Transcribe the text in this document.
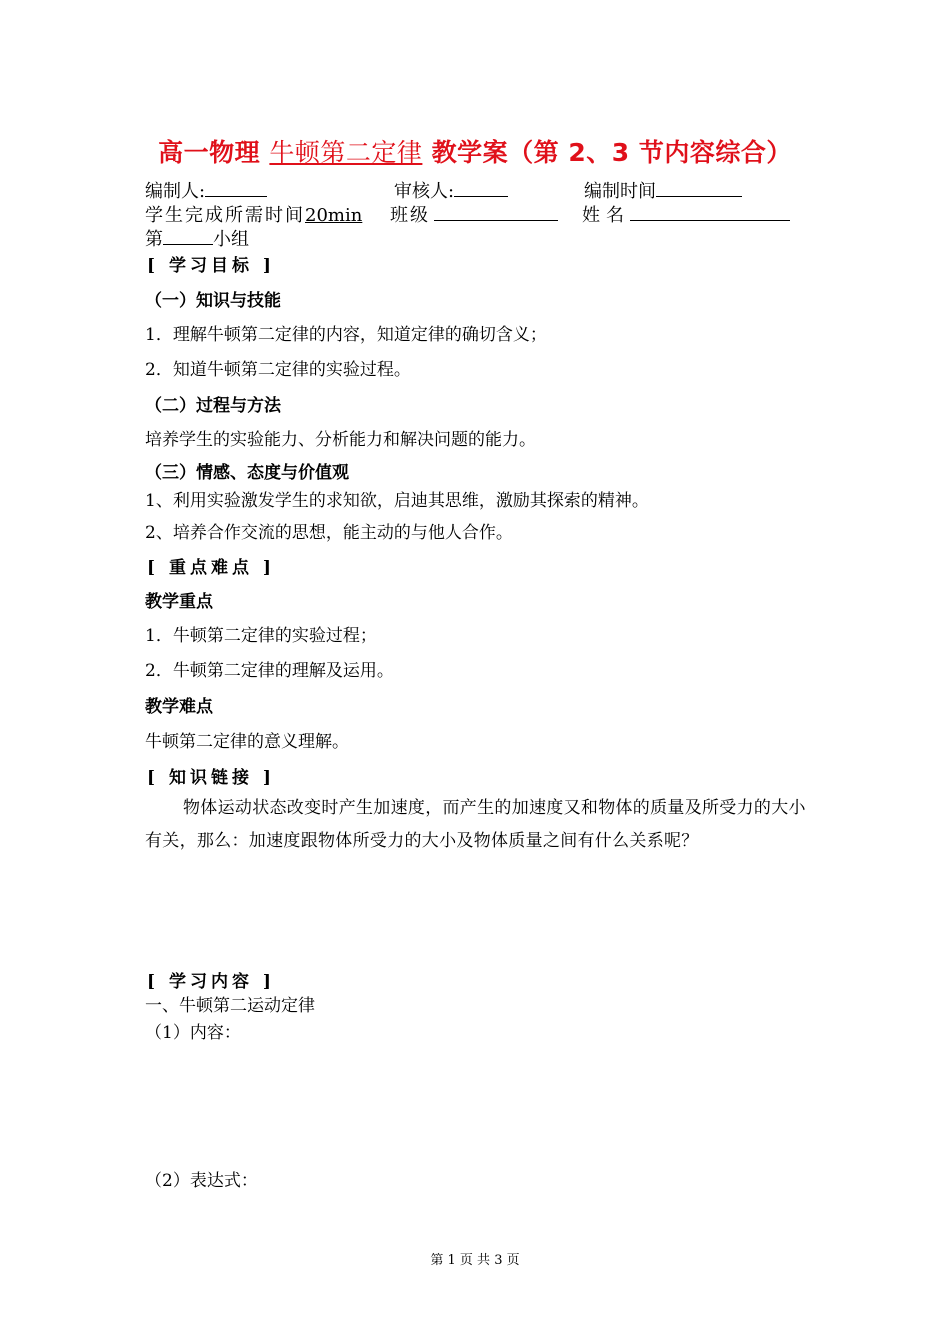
高一物理 牛顿第二定律 教学案（第 2、3 节内容综合）
编制人:	审核人:	编制时间
学生完成所需时间20min 班级	姓名
第	小组
[ 学习目标 ]
（一）知识与技能
1．理解牛顿第二定律的内容，知道定律的确切含义；
2．知道牛顿第二定律的实验过程。
（二）过程与方法
培养学生的实验能力、分析能力和解决问题的能力。
（三）情感、态度与价值观
1、利用实验激发学生的求知欲，启迪其思维，激励其探索的精神。
2、培养合作交流的思想，能主动的与他人合作。
[ 重点难点 ]
教学重点
1．牛顿第二定律的实验过程；
2．牛顿第二定律的理解及运用。
教学难点
牛顿第二定律的意义理解。
[ 知识链接 ]
物体运动状态改变时产生加速度，而产生的加速度又和物体的质量及所受力的大小有关，那么：加速度跟物体所受力的大小及物体质量之间有什么关系呢？
[ 学习内容 ]
一、牛顿第二运动定律
（1）内容：
（2）表达式：
第 1 页 共 3 页
